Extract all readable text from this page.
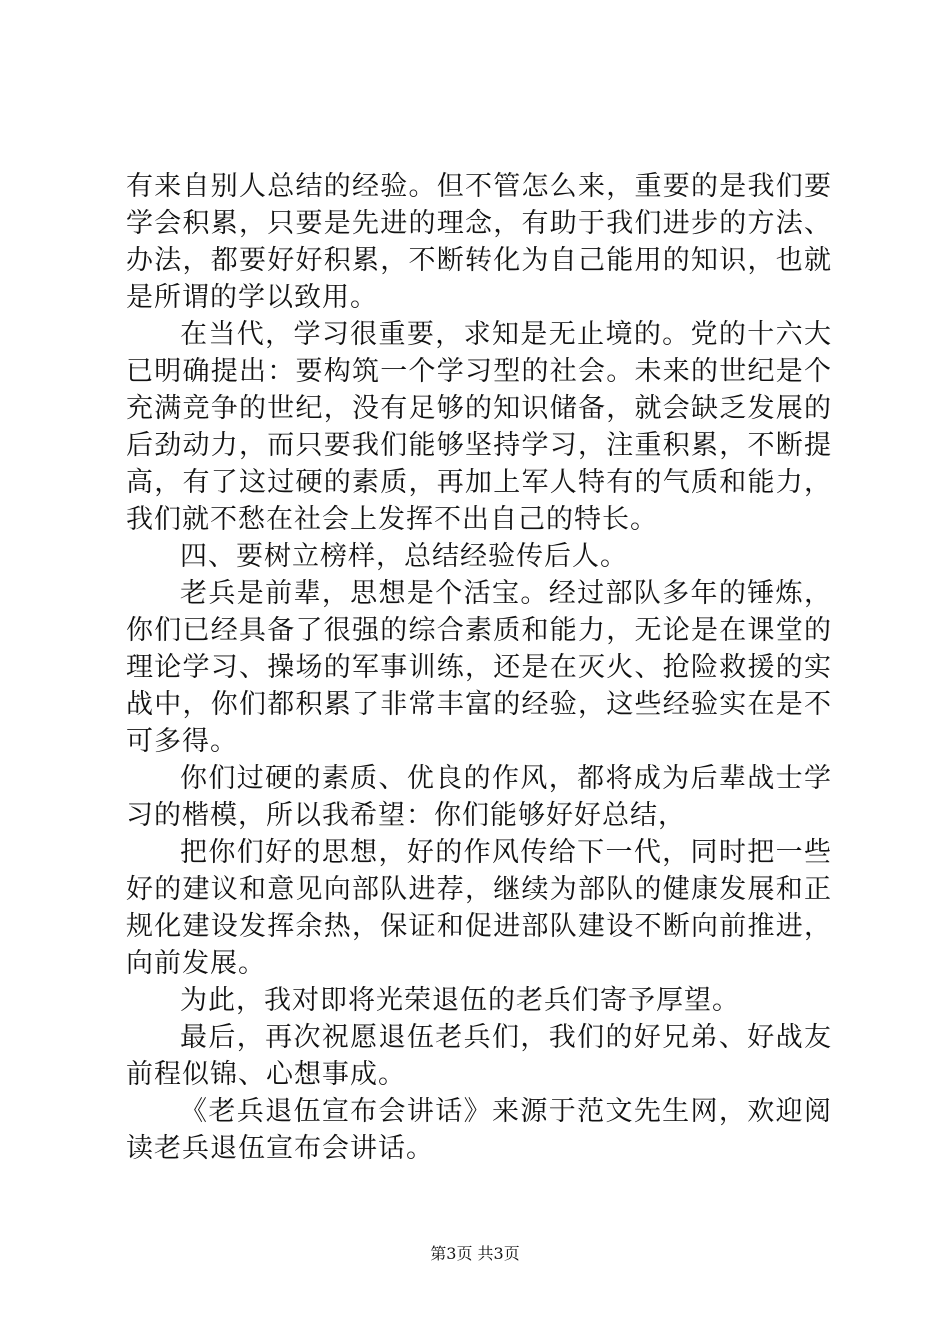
有来自别人总结的经验。但不管怎么来，重要的是我们要学会积累，只要是先进的理念，有助于我们进步的方法、办法，都要好好积累，不断转化为自己能用的知识，也就是所谓的学以致用。

在当代，学习很重要，求知是无止境的。党的十六大已明确提出：要构筑一个学习型的社会。未来的世纪是个充满竞争的世纪，没有足够的知识储备，就会缺乏发展的后劲动力，而只要我们能够坚持学习，注重积累，不断提高，有了这过硬的素质，再加上军人特有的气质和能力，我们就不愁在社会上发挥不出自己的特长。

四、要树立榜样，总结经验传后人。

老兵是前辈，思想是个活宝。经过部队多年的锤炼，你们已经具备了很强的综合素质和能力，无论是在课堂的理论学习、操场的军事训练，还是在灭火、抢险救援的实战中，你们都积累了非常丰富的经验，这些经验实在是不可多得。

你们过硬的素质、优良的作风，都将成为后辈战士学习的楷模，所以我希望：你们能够好好总结，

把你们好的思想，好的作风传给下一代，同时把一些好的建议和意见向部队进荐，继续为部队的健康发展和正规化建设发挥余热，保证和促进部队建设不断向前推进，向前发展。

为此，我对即将光荣退伍的老兵们寄予厚望。

最后，再次祝愿退伍老兵们，我们的好兄弟、好战友前程似锦、心想事成。

《老兵退伍宣布会讲话》来源于范文先生网，欢迎阅读老兵退伍宣布会讲话。

第3页 共3页
